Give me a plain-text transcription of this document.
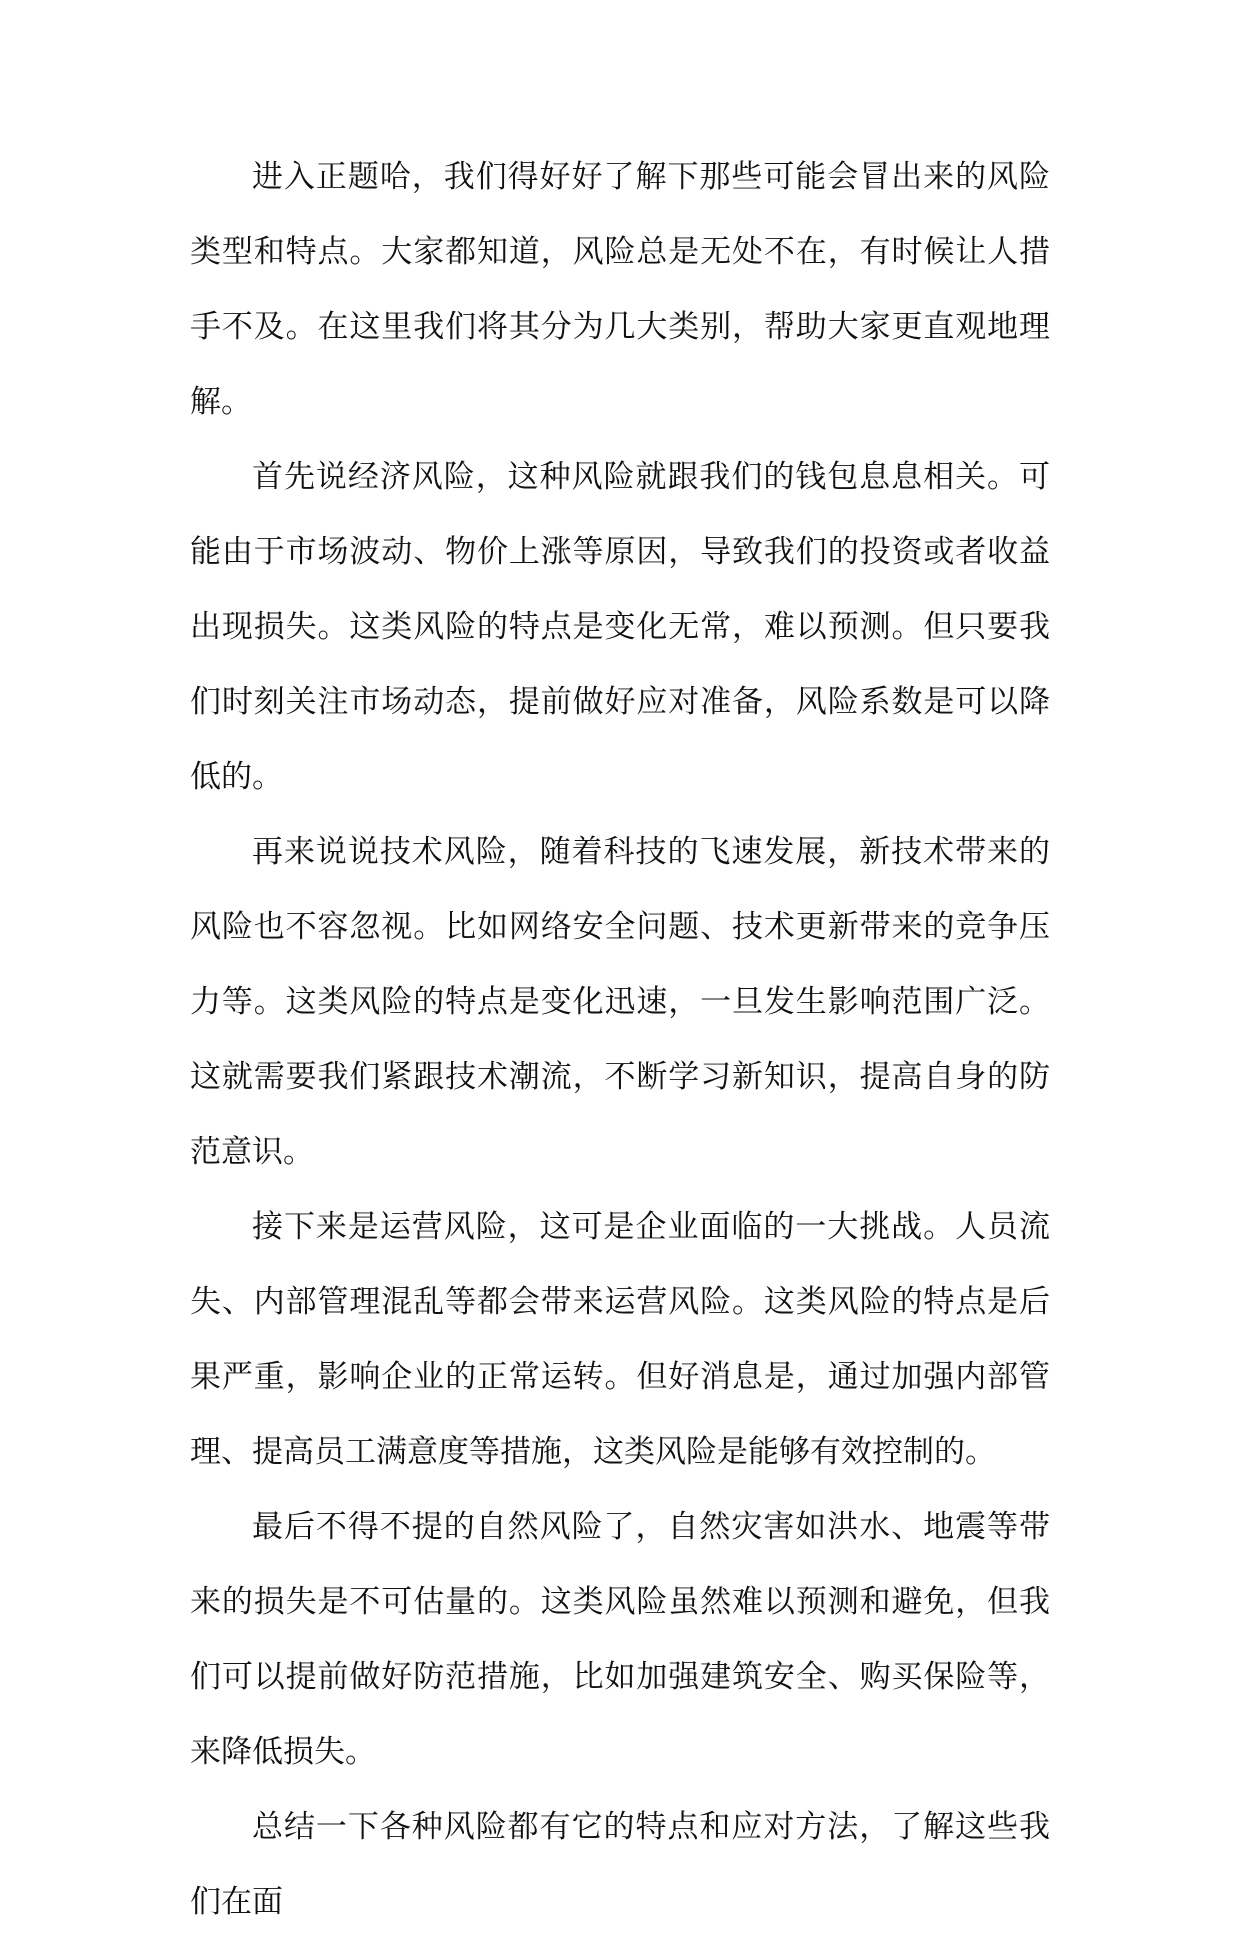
进入正题哈，我们得好好了解下那些可能会冒出来的风险类型和特点。大家都知道，风险总是无处不在，有时候让人措手不及。在这里我们将其分为几大类别，帮助大家更直观地理解。

首先说经济风险，这种风险就跟我们的钱包息息相关。可能由于市场波动、物价上涨等原因，导致我们的投资或者收益出现损失。这类风险的特点是变化无常，难以预测。但只要我们时刻关注市场动态，提前做好应对准备，风险系数是可以降低的。

再来说说技术风险，随着科技的飞速发展，新技术带来的风险也不容忽视。比如网络安全问题、技术更新带来的竞争压力等。这类风险的特点是变化迅速，一旦发生影响范围广泛。这就需要我们紧跟技术潮流，不断学习新知识，提高自身的防范意识。

接下来是运营风险，这可是企业面临的一大挑战。人员流失、内部管理混乱等都会带来运营风险。这类风险的特点是后果严重，影响企业的正常运转。但好消息是，通过加强内部管理、提高员工满意度等措施，这类风险是能够有效控制的。

最后不得不提的自然风险了，自然灾害如洪水、地震等带来的损失是不可估量的。这类风险虽然难以预测和避免，但我们可以提前做好防范措施，比如加强建筑安全、购买保险等，来降低损失。

总结一下各种风险都有它的特点和应对方法，了解这些我们在面
